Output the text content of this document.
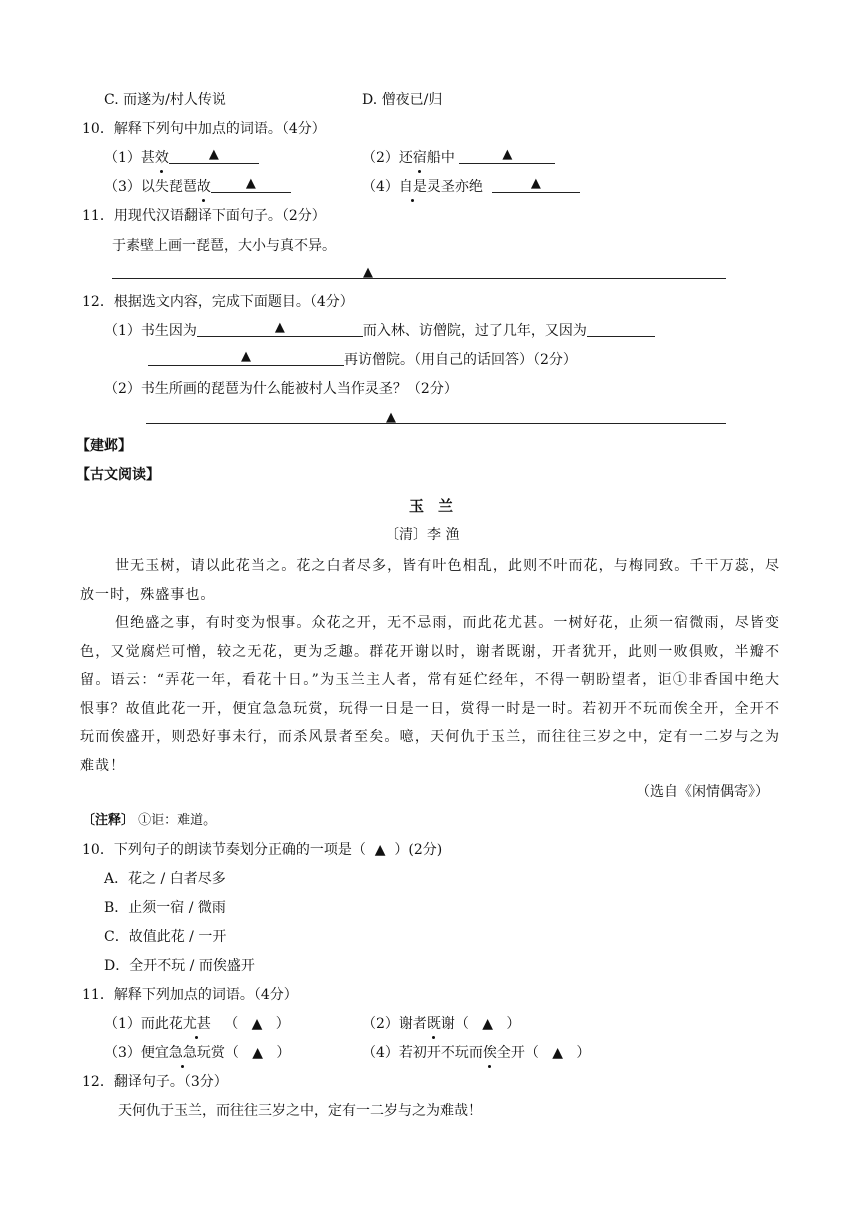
C. 而遂为/村人传说	D. 僧夜已/归
10．解释下列句中加点的词语。（4分）
（1）甚效	▲	（2）还宿船中	▲
（3）以失琵琶故	▲	（4）自是灵圣亦绝	▲
11．用现代汉语翻译下面句子。（2分）
于素壁上画一琵琶，大小与真不异。
▲
12．根据选文内容，完成下面题目。（4分）
（1）书生因为	▲	而入林、访僧院，过了几年，又因为
▲	再访僧院。（用自己的话回答）（2分）
（2）书生所画的琵琶为什么能被村人当作灵圣？（2分）
▲
【建邺】
【古文阅读】
玉兰
〔清〕李 渔
世无玉树，请以此花当之。花之白者尽多，皆有叶色相乱，此则不叶而花，与梅同致。千干万蕊，尽放一时，殊盛事也。
但绝盛之事，有时变为恨事。众花之开，无不忌雨，而此花尤甚。一树好花，止须一宿微雨，尽皆变色，又觉腐烂可憎，较之无花，更为乏趣。群花开谢以时，谢者既谢，开者犹开，此则一败俱败，半瓣不留。语云：“弄花一年，看花十日。”为玉兰主人者，常有延伫经年，不得一朝盼望者，讵①非香国中绝大恨事？故值此花一开，便宜急急玩赏，玩得一日是一日，赏得一时是一时。若初开不玩而俟全开，全开不玩而俟盛开，则恐好事未行，而杀风景者至矣。噫，天何仇于玉兰，而往往三岁之中，定有一二岁与之为难哉！
（选自《闲情偶寄》）
〔注释〕 ①讵：难道。
10．下列句子的朗读节奏划分正确的一项是（ ▲ ）(2分)
A．花之 / 白者尽多
B．止须一宿 / 微雨
C．故值此花 / 一开
D．全开不玩 / 而俟盛开
11．解释下列加点的词语。（4分）
（1）而此花尤甚   （   ▲   ）	（2）谢者既谢（   ▲   ）
（3）便宜急急玩赏（   ▲   ）	（4）若初开不玩而俟全开（   ▲   ）
12．翻译句子。（3分）
天何仇于玉兰，而往往三岁之中，定有一二岁与之为难哉！
